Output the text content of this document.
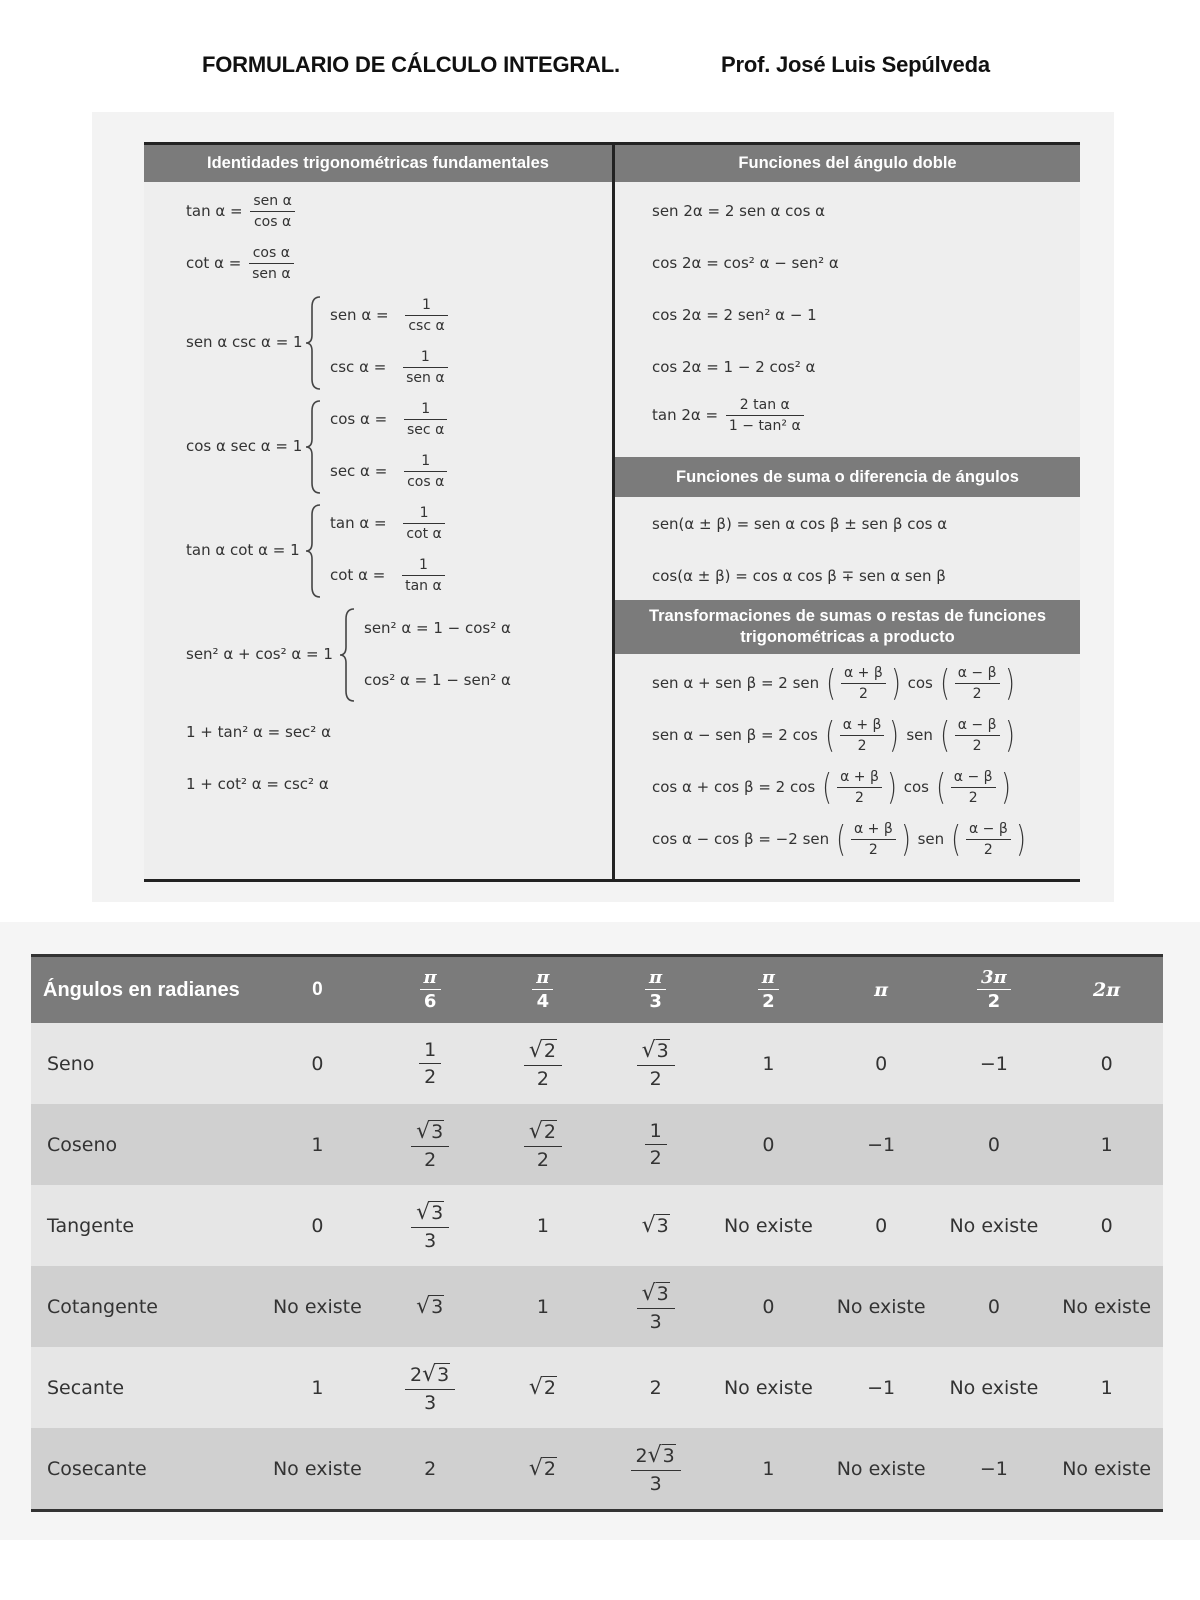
FORMULARIO DE CÁLCULO INTEGRAL.	Prof. José Luis Sepúlveda
Identidades trigonométricas fundamentales
$\tan \alpha = \frac{\text{sen α}}{\text{cos α}}$
$\cot \alpha = \frac{\text{cos α}}{\text{sen α}}$
sen α csc α = 1
sen $\alpha = \frac{1}{\text{csc α}}$
$\csc \alpha = \frac{1}{\text{sen α}}$
cos α sec α = 1
$\cos \alpha = \frac{1}{\text{sec α}}$
$\sec \alpha = \frac{1}{\text{cos α}}$
tan α cot α = 1
$\tan \alpha = \frac{1}{\text{cot α}}$
$\cot \alpha = \frac{1}{\text{tan α}}$
sen² α + cos² α = 1
sen² α = 1 − cos² α
cos² α = 1 − sen² α
1 + tan² α = sec² α
1 + cot² α = csc² α
Funciones del ángulo doble
sen 2α = 2 sen α cos α
cos 2α = cos² α − sen² α
cos 2α = 2 sen² α − 1
cos 2α = 1 − 2 cos² α
$\tan 2\alpha = \frac{\text{2 tan α}}{\text{1 − tan² α}}$
Funciones de suma o diferencia de ángulos
sen(α ± β) = sen α cos β ± sen β cos α
cos(α ± β) = cos α cos β ∓ sen α sen β
Transformaciones de sumas o restas de funciones trigonométricas a producto
sen α + sen β = 2 sen ( $\frac{\alpha + \beta}{2}$ ) cos ( $\frac{\alpha - \beta}{2}$ )
sen α − sen β = 2 cos ( $\frac{\alpha + \beta}{2}$ ) sen ( $\frac{\alpha - \beta}{2}$ )
cos α + cos β = 2 cos ( $\frac{\alpha + \beta}{2}$ ) cos ( $\frac{\alpha - \beta}{2}$ )
cos α − cos β = −2 sen ( $\frac{\alpha + \beta}{2}$ ) sen ( $\frac{\alpha - \beta}{2}$ )
Ángulos en radianes	0	$\frac{\pi}{6}$	$\frac{\pi}{4}$	$\frac{\pi}{3}$	$\frac{\pi}{2}$	π	$\frac{3\pi}{2}$	2π
Seno	0	$\frac{1}{2}$	$\frac{√2}{2}$	$\frac{√3}{2}$	1	0	−1	0
Coseno	1	$\frac{√3}{2}$	$\frac{√2}{2}$	$\frac{1}{2}$	0	−1	0	1
Tangente	0	$\frac{√3}{3}$	1	√3	No existe	0	No existe	0
Cotangente	No existe	√3	1	$\frac{√3}{3}$	0	No existe	0	No existe
Secante	1	$\frac{2√3}{3}$	√2	2	No existe	−1	No existe	1
Cosecante	No existe	2	√2	$\frac{2√3}{3}$	1	No existe	−1	No existe
